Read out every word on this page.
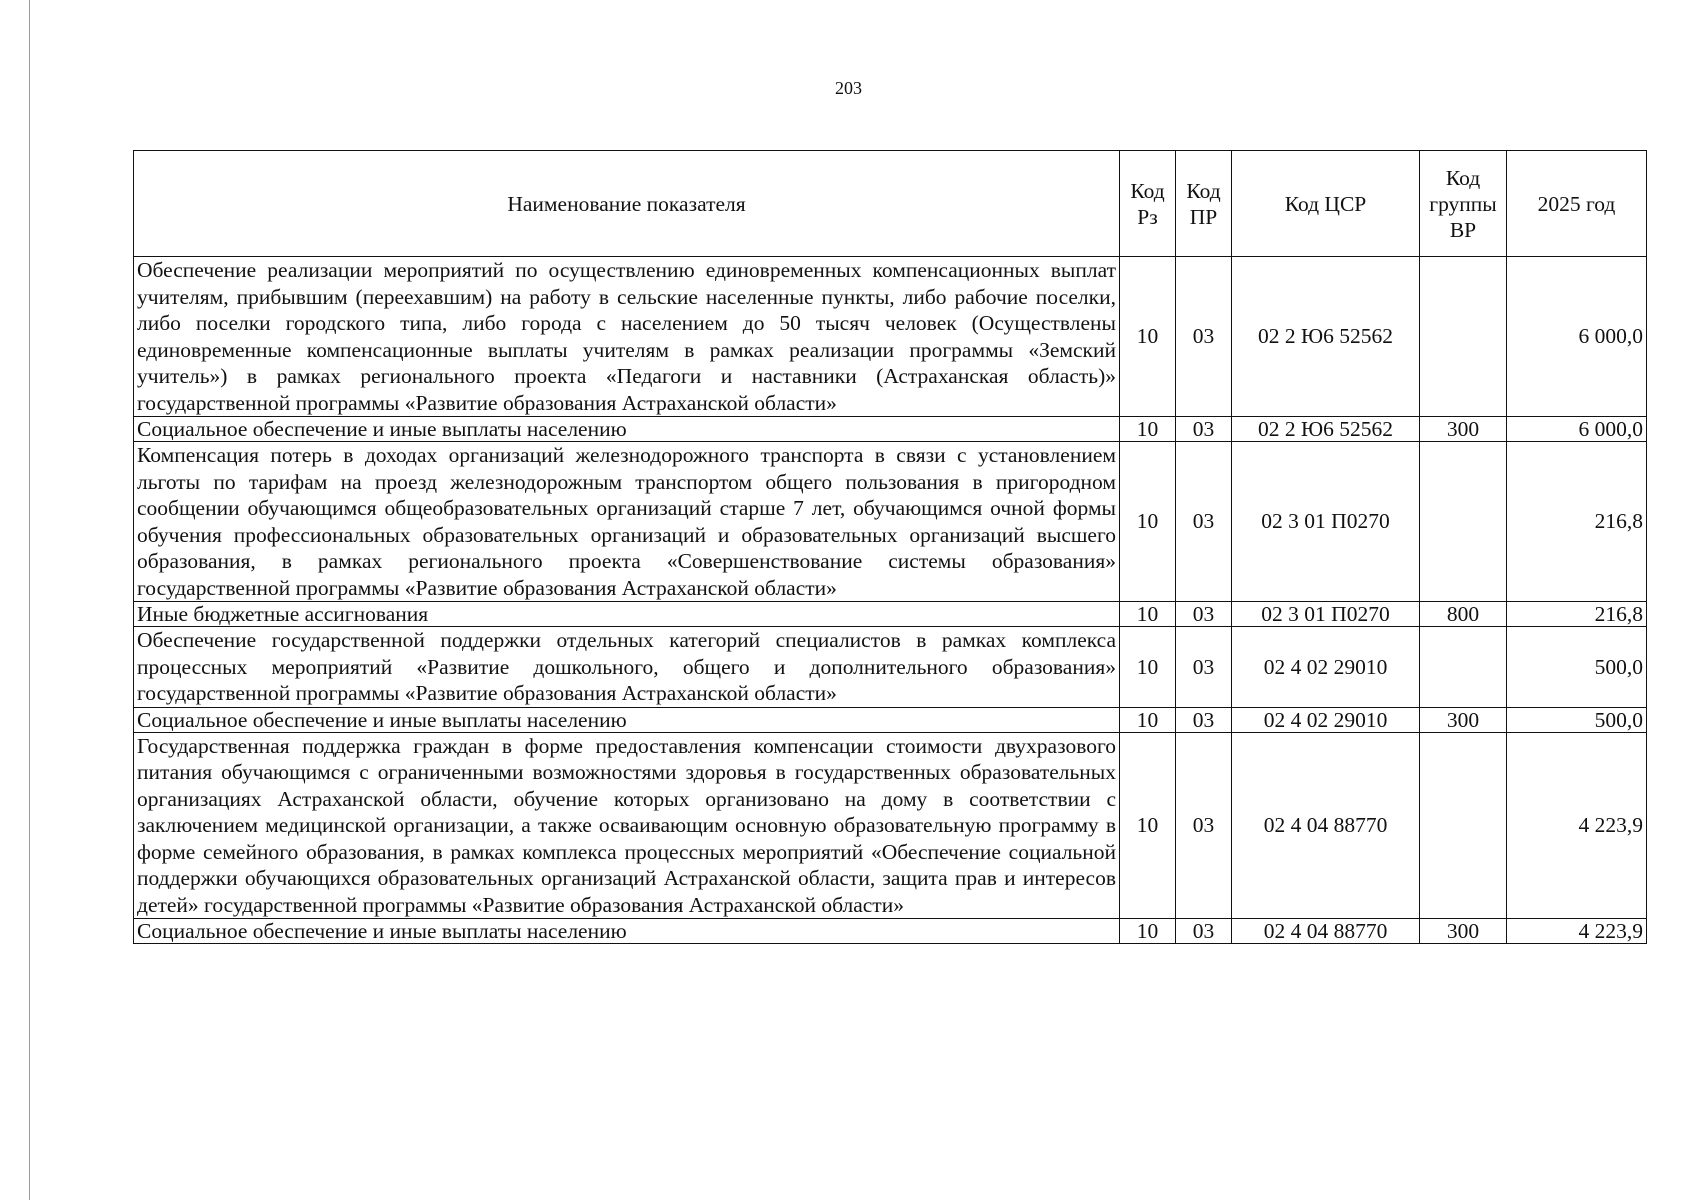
203
Наименование показателя	Код Рз	Код ПР	Код ЦСР	Код группы ВР	2025 год
Обеспечение реализации мероприятий по осуществлению единовременных компенсационных выплат учителям, прибывшим (переехавшим) на работу в сельские населенные пункты, либо рабочие поселки, либо поселки городского типа, либо города с населением до 50 тысяч человек (Осуществлены единовременные компенсационные выплаты учителям в рамках реализации программы «Земский учитель») в рамках регионального проекта «Педагоги и наставники (Астраханская область)» государственной программы «Развитие образования Астраханской области»	10	03	02 2 Ю6 52562		6 000,0
Социальное обеспечение и иные выплаты населению	10	03	02 2 Ю6 52562	300	6 000,0
Компенсация потерь в доходах организаций железнодорожного транспорта в связи с установлением льготы по тарифам на проезд железнодорожным транспортом общего пользования в пригородном сообщении обучающимся общеобразовательных организаций старше 7 лет, обучающимся очной формы обучения профессиональных образовательных организаций и образовательных организаций высшего образования, в рамках регионального проекта «Совершенствование системы образования» государственной программы «Развитие образования Астраханской области»	10	03	02 3 01 П0270		216,8
Иные бюджетные ассигнования	10	03	02 3 01 П0270	800	216,8
Обеспечение государственной поддержки отдельных категорий специалистов в рамках комплекса процессных мероприятий «Развитие дошкольного, общего и дополнительного образования» государственной программы «Развитие образования Астраханской области»	10	03	02 4 02 29010		500,0
Социальное обеспечение и иные выплаты населению	10	03	02 4 02 29010	300	500,0
Государственная поддержка граждан в форме предоставления компенсации стоимости двухразового питания обучающимся с ограниченными возможностями здоровья в государственных образовательных организациях Астраханской области, обучение которых организовано на дому в соответствии с заключением медицинской организации, а также осваивающим основную образовательную программу в форме семейного образования, в рамках комплекса процессных мероприятий «Обеспечение социальной поддержки обучающихся образовательных организаций Астраханской области, защита прав и интересов детей» государственной программы «Развитие образования Астраханской области»	10	03	02 4 04 88770		4 223,9
Социальное обеспечение и иные выплаты населению	10	03	02 4 04 88770	300	4 223,9
